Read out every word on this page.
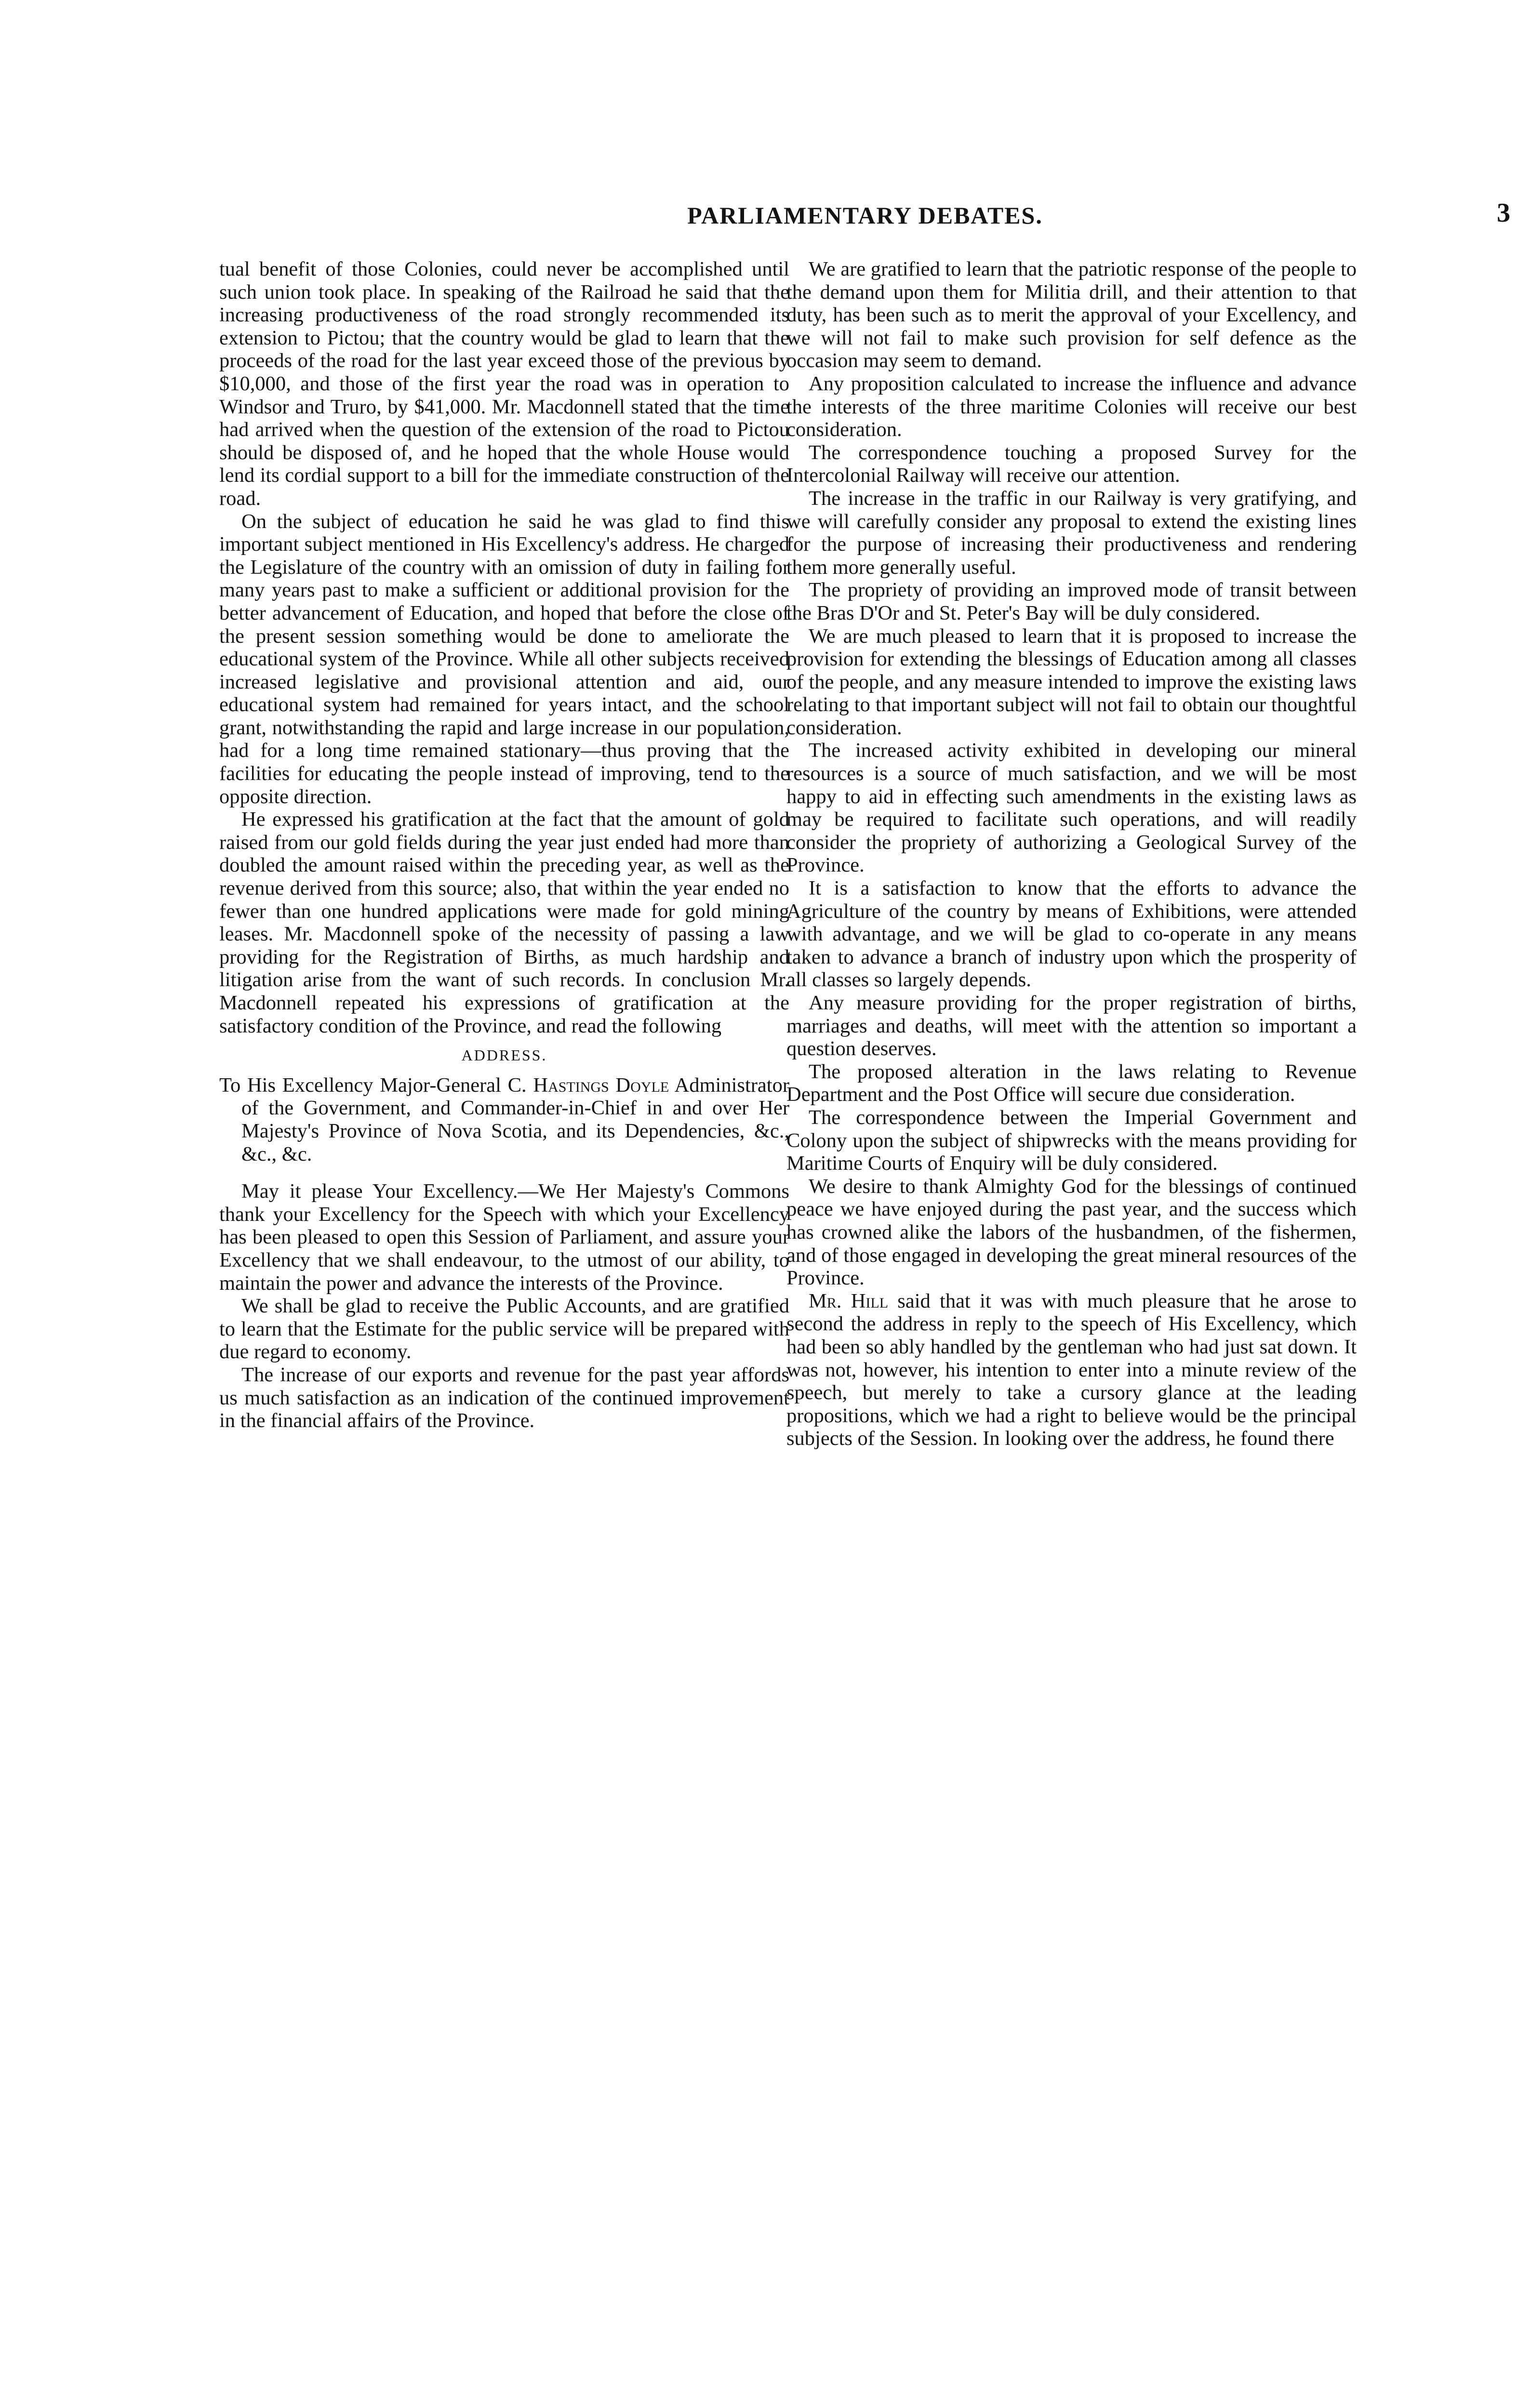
PARLIAMENTARY DEBATES.	3

tual benefit of those Colonies, could never be accomplished until such union took place. In speaking of the Railroad he said that the increasing productiveness of the road strongly recommended its extension to Pictou; that the country would be glad to learn that the proceeds of the road for the last year exceed those of the previous by $10,000, and those of the first year the road was in operation to Windsor and Truro, by $41,000. Mr. Macdonnell stated that the time had arrived when the question of the extension of the road to Pictou should be disposed of, and he hoped that the whole House would lend its cordial support to a bill for the immediate construction of the road.

On the subject of education he said he was glad to find this important subject mentioned in His Excellency's address. He charged the Legislature of the country with an omission of duty in failing for many years past to make a sufficient or additional provision for the better advancement of Education, and hoped that before the close of the present session something would be done to ameliorate the educational system of the Province. While all other subjects received increased legislative and provisional attention and aid, our educational system had remained for years intact, and the school grant, notwithstanding the rapid and large increase in our population, had for a long time remained stationary—thus proving that the facilities for educating the people instead of improving, tend to the opposite direction.

He expressed his gratification at the fact that the amount of gold raised from our gold fields during the year just ended had more than doubled the amount raised within the preceding year, as well as the revenue derived from this source; also, that within the year ended no fewer than one hundred applications were made for gold mining leases. Mr. Macdonnell spoke of the necessity of passing a law providing for the Registration of Births, as much hardship and litigation arise from the want of such records. In conclusion Mr. Macdonnell repeated his expressions of gratification at the satisfactory condition of the Province, and read the following

ADDRESS.
To His Excellency Major-General C. Hastings Doyle Administrator of the Government, and Commander-in-Chief in and over Her Majesty's Province of Nova Scotia, and its Dependencies, &c., &c., &c.

May it please Your Excellency.—We Her Majesty's Commons thank your Excellency for the Speech with which your Excellency has been pleased to open this Session of Parliament, and assure your Excellency that we shall endeavour, to the utmost of our ability, to maintain the power and advance the interests of the Province.

We shall be glad to receive the Public Accounts, and are gratified to learn that the Estimate for the public service will be prepared with due regard to economy.

The increase of our exports and revenue for the past year affords us much satisfaction as an indication of the continued improvement in the financial affairs of the Province.

We are gratified to learn that the patriotic response of the people to the demand upon them for Militia drill, and their attention to that duty, has been such as to merit the approval of your Excellency, and we will not fail to make such provision for self defence as the occasion may seem to demand.

Any proposition calculated to increase the influence and advance the interests of the three maritime Colonies will receive our best consideration.

The correspondence touching a proposed Survey for the Intercolonial Railway will receive our attention.

The increase in the traffic in our Railway is very gratifying, and we will carefully consider any proposal to extend the existing lines for the purpose of increasing their productiveness and rendering them more generally useful.

The propriety of providing an improved mode of transit between the Bras D'Or and St. Peter's Bay will be duly considered.

We are much pleased to learn that it is proposed to increase the provision for extending the blessings of Education among all classes of the people, and any measure intended to improve the existing laws relating to that important subject will not fail to obtain our thoughtful consideration.

The increased activity exhibited in developing our mineral resources is a source of much satisfaction, and we will be most happy to aid in effecting such amendments in the existing laws as may be required to facilitate such operations, and will readily consider the propriety of authorizing a Geological Survey of the Province.

It is a satisfaction to know that the efforts to advance the Agriculture of the country by means of Exhibitions, were attended with advantage, and we will be glad to co-operate in any means taken to advance a branch of industry upon which the prosperity of all classes so largely depends.

Any measure providing for the proper registration of births, marriages and deaths, will meet with the attention so important a question deserves.

The proposed alteration in the laws relating to Revenue Department and the Post Office will secure due consideration.

The correspondence between the Imperial Government and Colony upon the subject of shipwrecks with the means providing for Maritime Courts of Enquiry will be duly considered.

We desire to thank Almighty God for the blessings of continued peace we have enjoyed during the past year, and the success which has crowned alike the labors of the husbandmen, of the fishermen, and of those engaged in developing the great mineral resources of the Province.

Mr. Hill said that it was with much pleasure that he arose to second the address in reply to the speech of His Excellency, which had been so ably handled by the gentleman who had just sat down. It was not, however, his intention to enter into a minute review of the speech, but merely to take a cursory glance at the leading propositions, which we had a right to believe would be the principal subjects of the Session. In looking over the address, he found there
